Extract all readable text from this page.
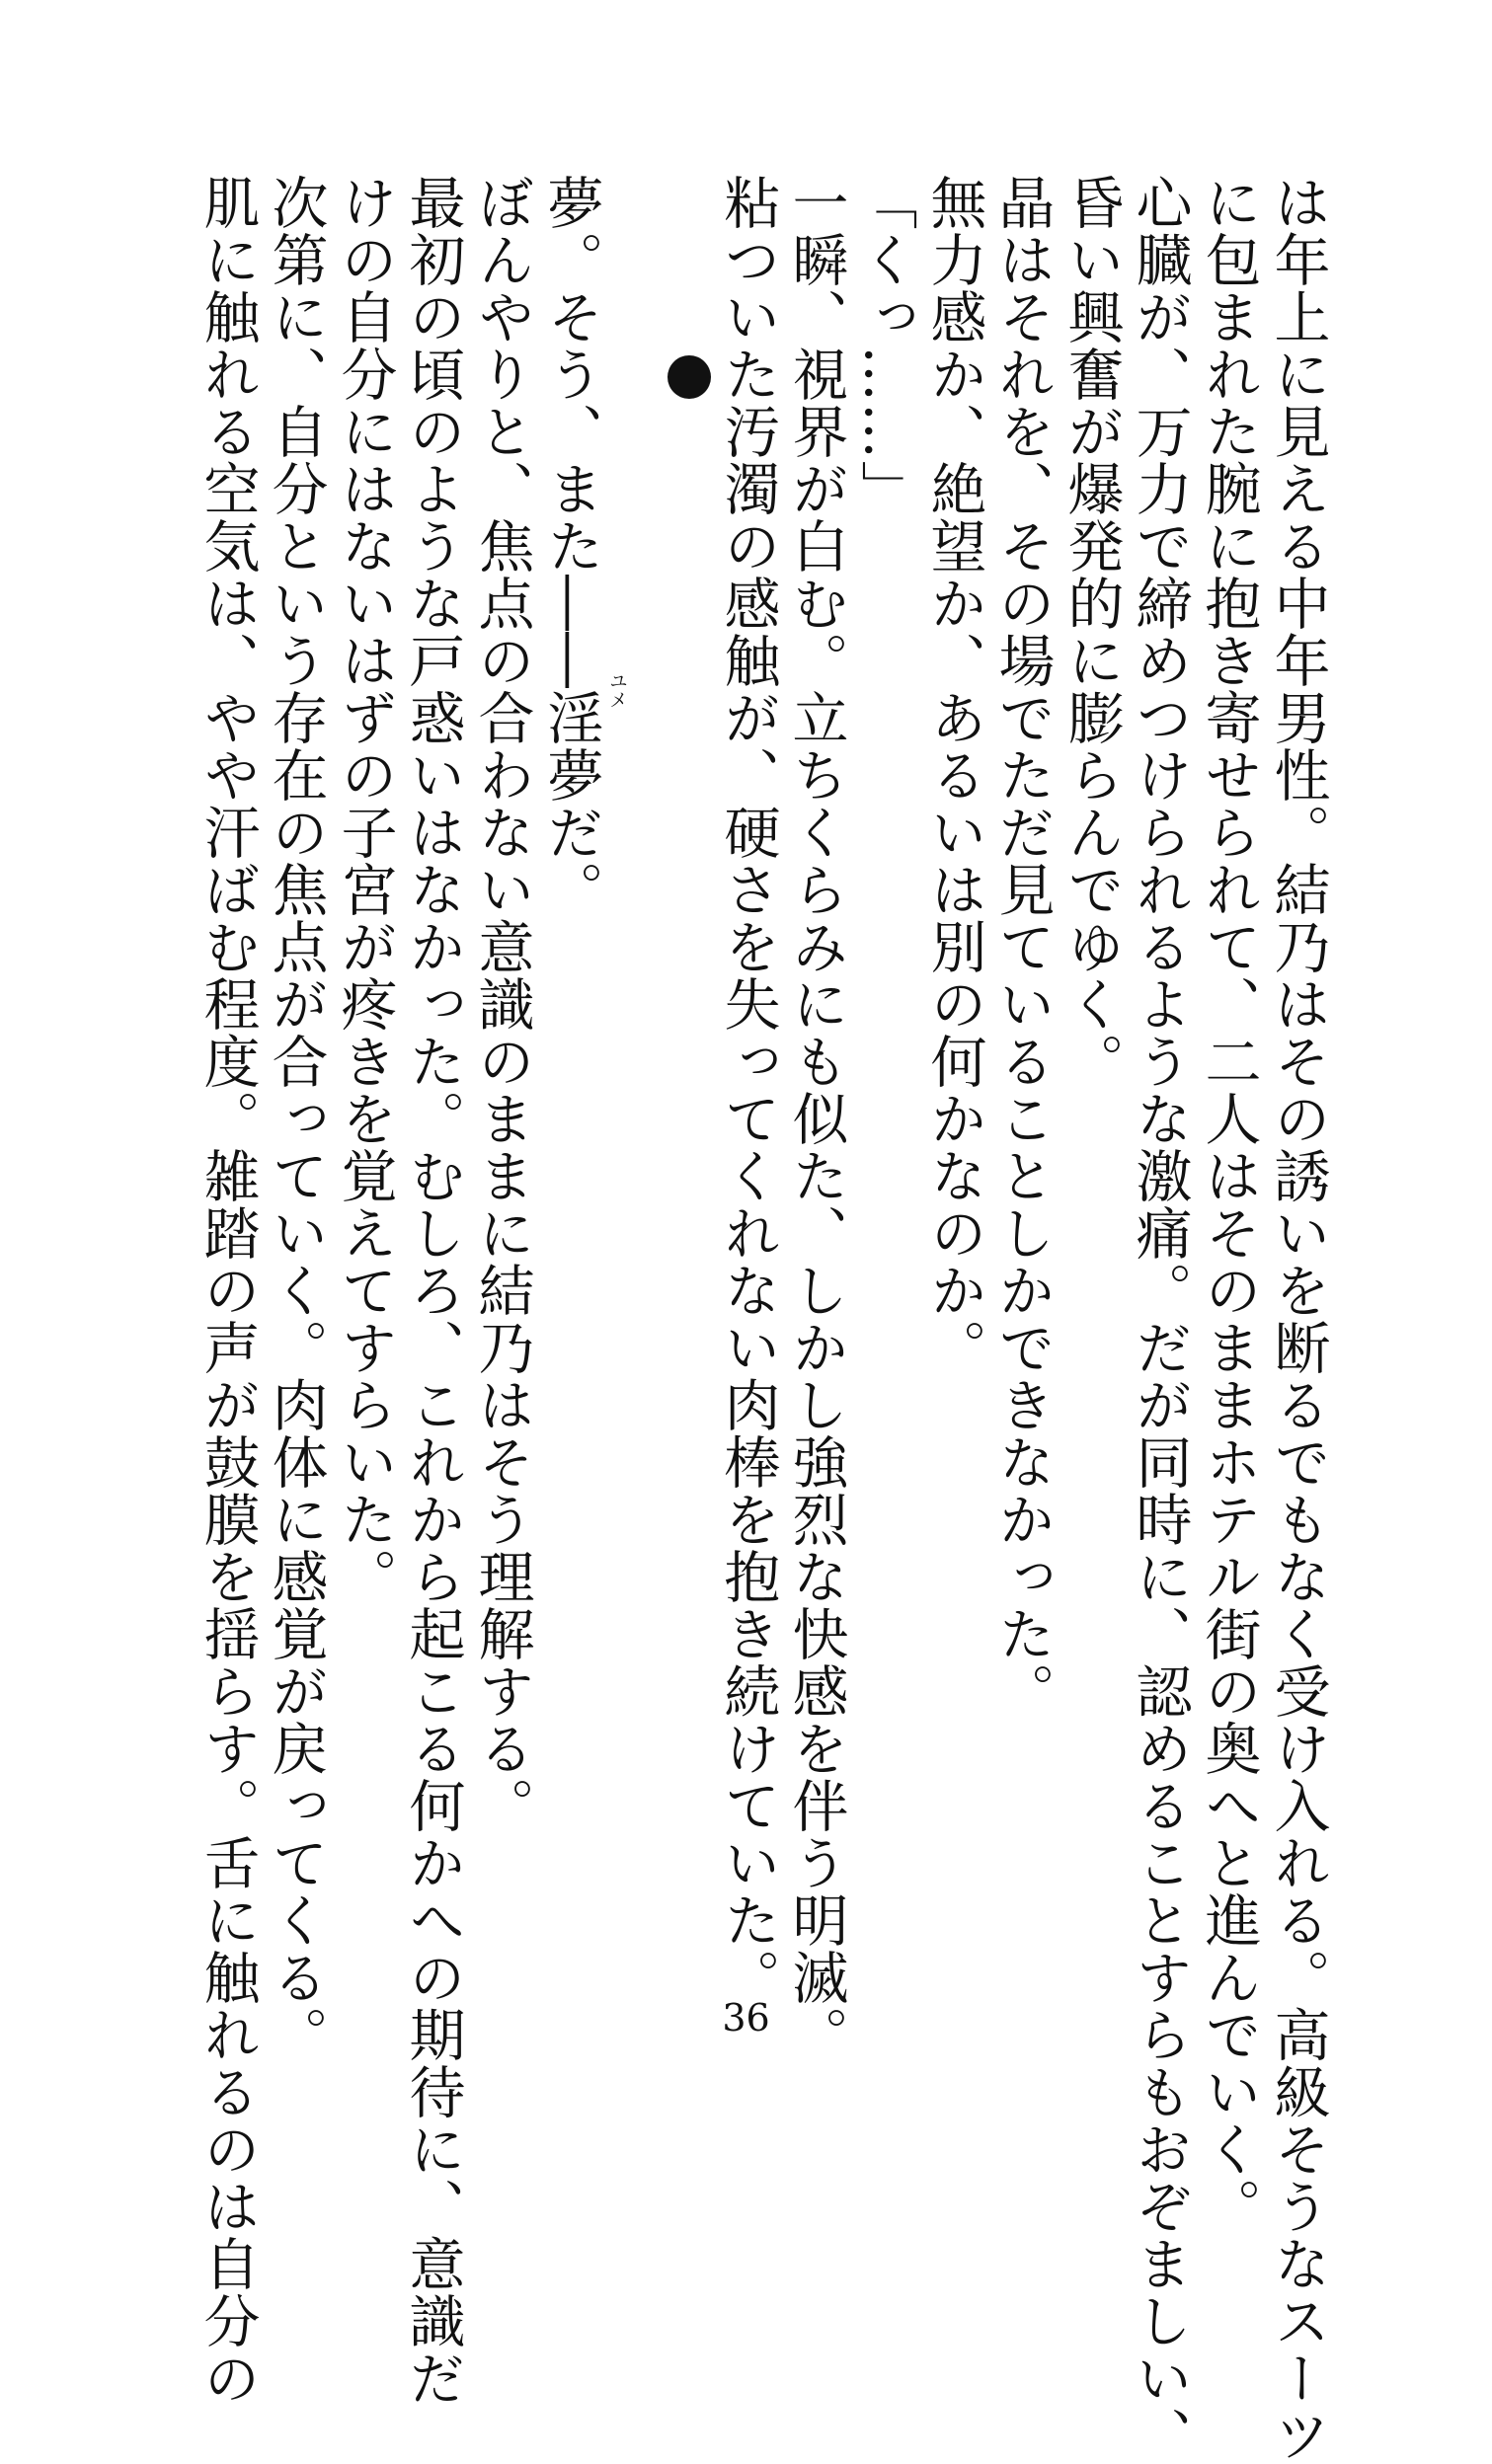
は年上に見える中年男性。結乃はその誘いを断るでもなく受け入れる。高級そうなスーツ
に包まれた腕に抱き寄せられて、二人はそのままホテル街の奥へと進んでいく。
心臓が、万力で締めつけられるような激痛。だが同時に、認めることすらもおぞましい、
昏い興奮が爆発的に膨らんでゆく。
晶はそれを、その場でただ見ていることしかできなかった。
無力感か、絶望か、あるいは別の何かなのか。
「くっ……」
一瞬、視界が白む。立ちくらみにも似た、しかし強烈な快感を伴う明滅。
粘ついた汚濁の感触が、硬さを失ってくれない肉棒を抱き続けていた。
夢。そう、また――淫夢だ。 ユメ
ぼんやりと、焦点の合わない意識のままに結乃はそう理解する。
最初の頃のような戸惑いはなかった。むしろ、これから起こる何かへの期待に、意識だ
けの自分にはないはずの子宮が疼きを覚えてすらいた。
次第に、自分という存在の焦点が合っていく。肉体に感覚が戻ってくる。
肌に触れる空気は、やや汗ばむ程度。雑踏の声が鼓膜を揺らす。舌に触れるのは自分の	36
